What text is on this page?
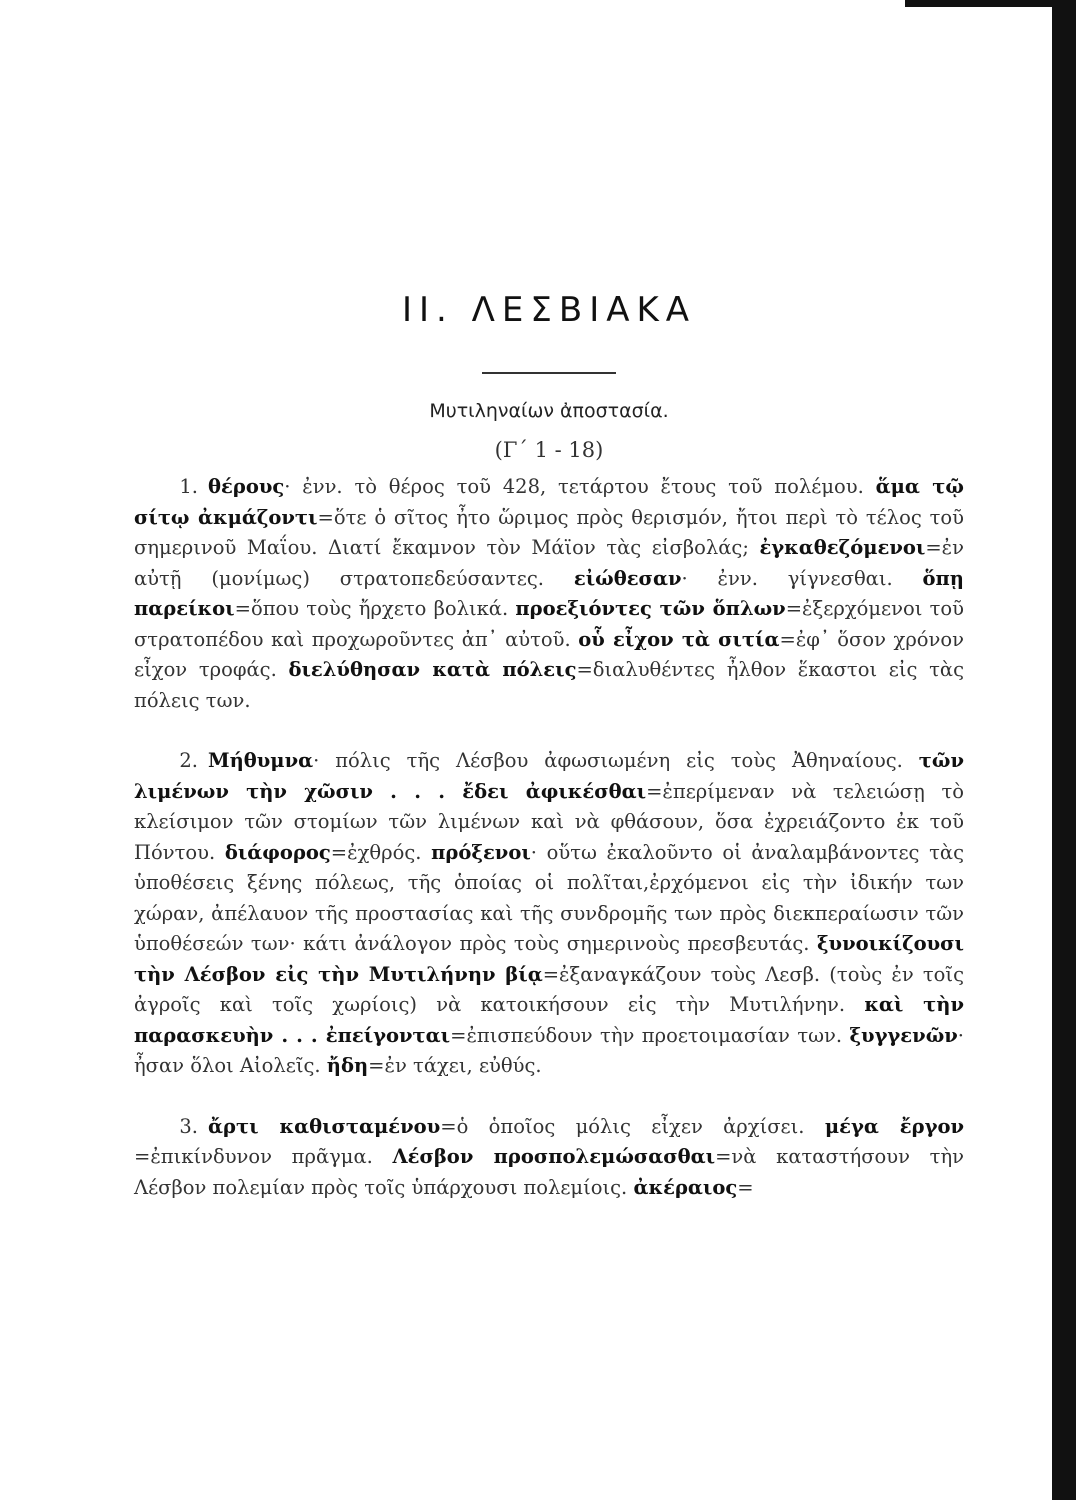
ΙΙ. ΛΕΣΒΙΑΚΑ

Μυτιληναίων ἀποστασία.

(Γ΄ 1 - 18)

1. θέρους· ἐνν. τὸ θέρος τοῦ 428, τετάρτου ἔτους τοῦ πολέμου. ἅμα τῷ σίτῳ ἀκμάζοντι=ὅτε ὁ σῖτος ἦτο ὥριμος πρὸς θερισμόν, ἤτοι περὶ τὸ τέλος τοῦ σημερινοῦ Μαΐου. Διατί ἔκαμνον τὸν Μάϊον τὰς εἰσβολάς; ἐγκαθεζόμενοι=ἐν αὐτῇ (μονίμως) στρατοπεδεύσαντες. εἰώθεσαν· ἐνν. γίγνεσθαι. ὅπῃ παρείκοι=ὅπου τοὺς ἤρχετο βολικά. προεξιόντες τῶν ὅπλων=ἐξερχόμενοι τοῦ στρατοπέδου καὶ προχωροῦντες ἀπ᾽ αὐτοῦ. οὗ εἶχον τὰ σιτία=ἐφ᾽ ὅσον χρόνον εἶχον τροφάς. διελύθησαν κατὰ πόλεις=διαλυθέντες ἦλθον ἕκαστοι εἰς τὰς πόλεις των.

2. Μήθυμνα· πόλις τῆς Λέσβου ἀφωσιωμένη εἰς τοὺς Ἀθηναίους. τῶν λιμένων τὴν χῶσιν . . . ἔδει ἀφικέσθαι=ἐπερίμεναν νὰ τελειώσῃ τὸ κλείσιμον τῶν στομίων τῶν λιμένων καὶ νὰ φθάσουν, ὅσα ἐχρειάζοντο ἐκ τοῦ Πόντου. διάφορος=ἐχθρός. πρόξενοι· οὕτω ἐκαλοῦντο οἱ ἀναλαμβάνοντες τὰς ὑποθέσεις ξένης πόλεως, τῆς ὁποίας οἱ πολῖται,ἐρχόμενοι εἰς τὴν ἰδικήν των χώραν, ἀπέλαυον τῆς προστασίας καὶ τῆς συνδρομῆς των πρὸς διεκπεραίωσιν τῶν ὑποθέσεών των· κάτι ἀνάλογον πρὸς τοὺς σημερινοὺς πρεσβευτάς. ξυνοικίζουσι τὴν Λέσβον εἰς τὴν Μυτιλήνην βίᾳ=ἐξαναγκάζουν τοὺς Λεσβ. (τοὺς ἐν τοῖς ἀγροῖς καὶ τοῖς χωρίοις) νὰ κατοικήσουν εἰς τὴν Μυτιλήνην. καὶ τὴν παρασκευὴν . . . ἐπείγονται=ἐπισπεύδουν τὴν προετοιμασίαν των. ξυγγενῶν· ἦσαν ὅλοι Αἰολεῖς. ἤδη=ἐν τάχει, εὐθύς.

3. ἄρτι καθισταμένου=ὁ ὁποῖος μόλις εἶχεν ἀρχίσει. μέγα ἔργον =ἐπικίνδυνον πρᾶγμα. Λέσβον προσπολεμώσασθαι=νὰ καταστήσουν τὴν Λέσβον πολεμίαν πρὸς τοῖς ὑπάρχουσι πολεμίοις. ἀκέραιος=
